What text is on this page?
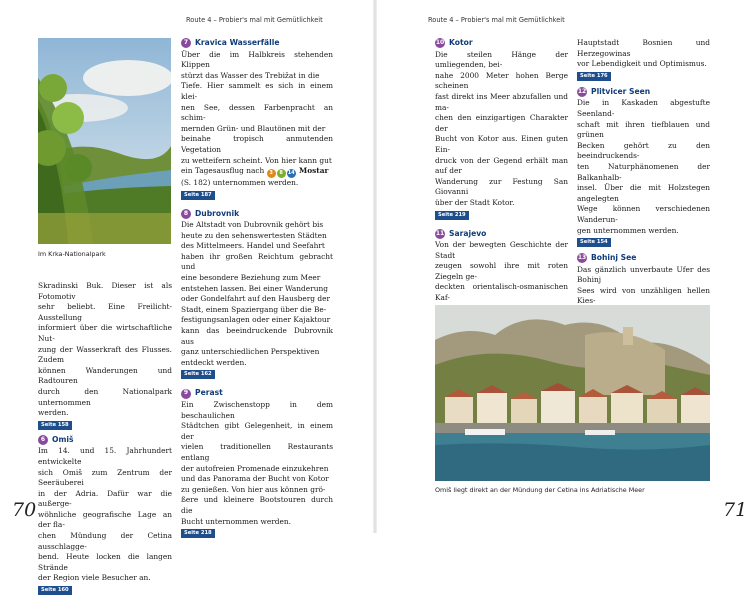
Route 4 – Probier's mal mit Gemütlichkeit
Im Krka-Nationalpark

Skradinski Buk. Dieser ist als Fotomotiv
sehr beliebt. Eine Freilicht-Ausstellung
informiert über die wirtschaftliche Nut-
zung der Wasserkraft des Flusses. Zudem
können Wanderungen und Radtouren
durch den Nationalpark unternommen
werden.

Seite 158
6 Omiš

Im 14. und 15. Jahrhundert entwickelte
sich Omiš zum Zentrum der Seeräuberei
in der Adria. Dafür war die außerge-
wöhnliche geografische Lage an der fla-
chen Mündung der Cetina ausschlagge-
bend. Heute locken die langen Strände
der Region viele Besucher an.

Seite 160
7 Kravica Wasserfälle

Über die im Halbkreis stehenden Klippen
stürzt das Wasser des Trebižat in die
Tiefe. Hier sammelt es sich in einem klei-
nen See, dessen Farbenpracht an schim-
mernden Grün- und Blautönen mit der
beinahe tropisch anmutenden Vegetation
zu wetteifern scheint. Von hier kann gut
ein Tagesausflug nach 3 8 14 Mostar
(S. 182) unternommen werden.

Seite 187
8 Dubrovnik

Die Altstadt von Dubrovnik gehört bis
heute zu den sehenswertesten Städten
des Mittelmeers. Handel und Seefahrt
haben ihr großen Reichtum gebracht und
eine besondere Beziehung zum Meer
entstehen lassen. Bei einer Wanderung
oder Gondelfahrt auf den Hausberg der
Stadt, einem Spaziergang über die Be-
festigungsanlagen oder einer Kajaktour
kann das beeindruckende Dubrovnik aus
ganz unterschiedlichen Perspektiven
entdeckt werden.

Seite 162
9 Perast

Ein Zwischenstopp in dem beschaulichen
Städtchen gibt Gelegenheit, in einem der
vielen traditionellen Restaurants entlang
der autofreien Promenade einzukehren
und das Panorama der Bucht von Kotor
zu genießen. Von hier aus können grö-
ßere und kleinere Bootstouren durch die
Bucht unternommen werden.

Seite 218
70
Route 4 – Probier's mal mit Gemütlichkeit
10 Kotor

Die steilen Hänge der umliegenden, bei-
nahe 2000 Meter hohen Berge scheinen
fast direkt ins Meer abzufallen und ma-
chen den einzigartigen Charakter der
Bucht von Kotor aus. Einen guten Ein-
druck von der Gegend erhält man auf der
Wanderung zur Festung San Giovanni
über der Stadt Kotor.

Seite 219
11 Sarajevo

Von der bewegten Geschichte der Stadt
zeugen sowohl ihre mit roten Ziegeln ge-
deckten orientalisch-osmanischen Kaf-

Hauptstadt Bosnien und Herzegowinas
vor Lebendigkeit und Optimismus.

Seite 176
12 Plitvicer Seen

Die in Kaskaden abgestufte Seenland-
schaft mit ihren tiefblauen und grünen
Becken gehört zu den beeindruckends-
ten Naturphänomenen der Balkanhalb-
insel. Über die mit Holzstegen angelegten
Wege können verschiedenen Wanderun-
gen unternommen werden.

Seite 154
13 Bohinj See

Das gänzlich unverbaute Ufer des Bohinj
Sees wird von unzähligen hellen Kies-

Omiš liegt direkt an der Mündung der Cetina ins Adriatische Meer
71
